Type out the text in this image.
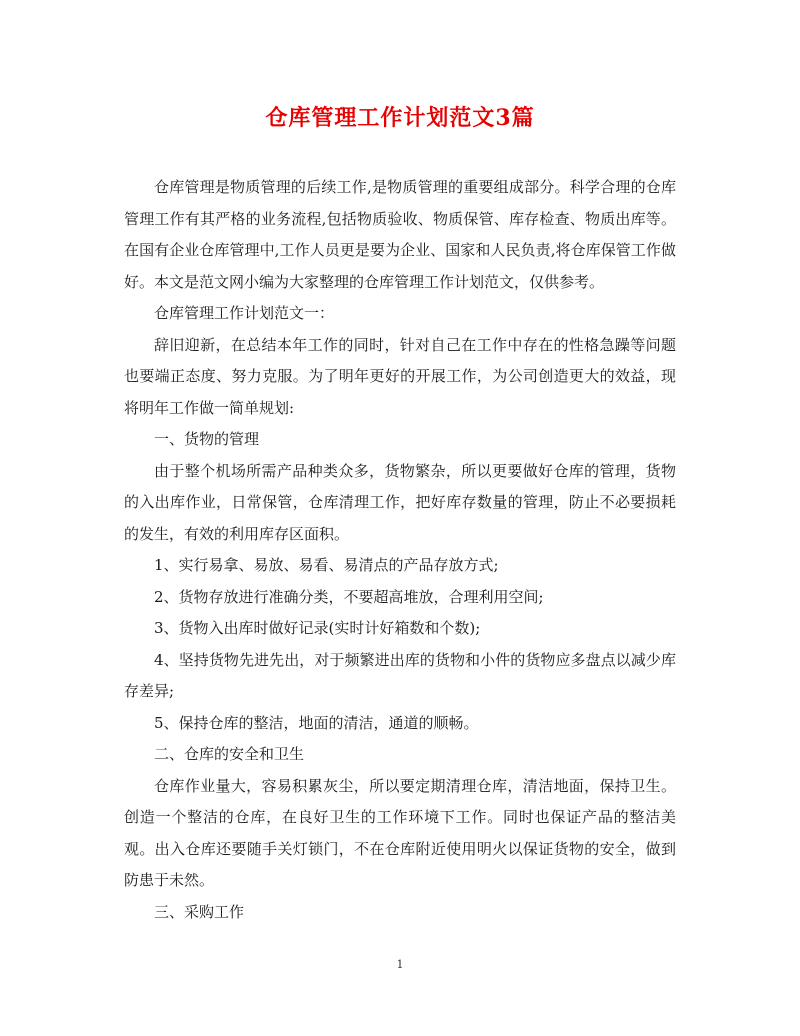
仓库管理工作计划范文3篇

仓库管理是物质管理的后续工作,是物质管理的重要组成部分。科学合理的仓库管理工作有其严格的业务流程,包括物质验收、物质保管、库存检查、物质出库等。在国有企业仓库管理中,工作人员更是要为企业、国家和人民负责,将仓库保管工作做好。本文是范文网小编为大家整理的仓库管理工作计划范文，仅供参考。

仓库管理工作计划范文一：

辞旧迎新，在总结本年工作的同时，针对自己在工作中存在的性格急躁等问题也要端正态度、努力克服。为了明年更好的开展工作，为公司创造更大的效益，现将明年工作做一简单规划:

一、货物的管理

由于整个机场所需产品种类众多，货物繁杂，所以更要做好仓库的管理，货物的入出库作业，日常保管，仓库清理工作，把好库存数量的管理，防止不必要损耗的发生，有效的利用库存区面积。

1、实行易拿、易放、易看、易清点的产品存放方式;

2、货物存放进行准确分类，不要超高堆放，合理利用空间;

3、货物入出库时做好记录(实时计好箱数和个数);

4、坚持货物先进先出，对于频繁进出库的货物和小件的货物应多盘点以减少库存差异;

5、保持仓库的整洁，地面的清洁，通道的顺畅。

二、仓库的安全和卫生

仓库作业量大，容易积累灰尘，所以要定期清理仓库，清洁地面，保持卫生。创造一个整洁的仓库，在良好卫生的工作环境下工作。同时也保证产品的整洁美观。出入仓库还要随手关灯锁门，不在仓库附近使用明火以保证货物的安全，做到防患于未然。

三、采购工作

1
